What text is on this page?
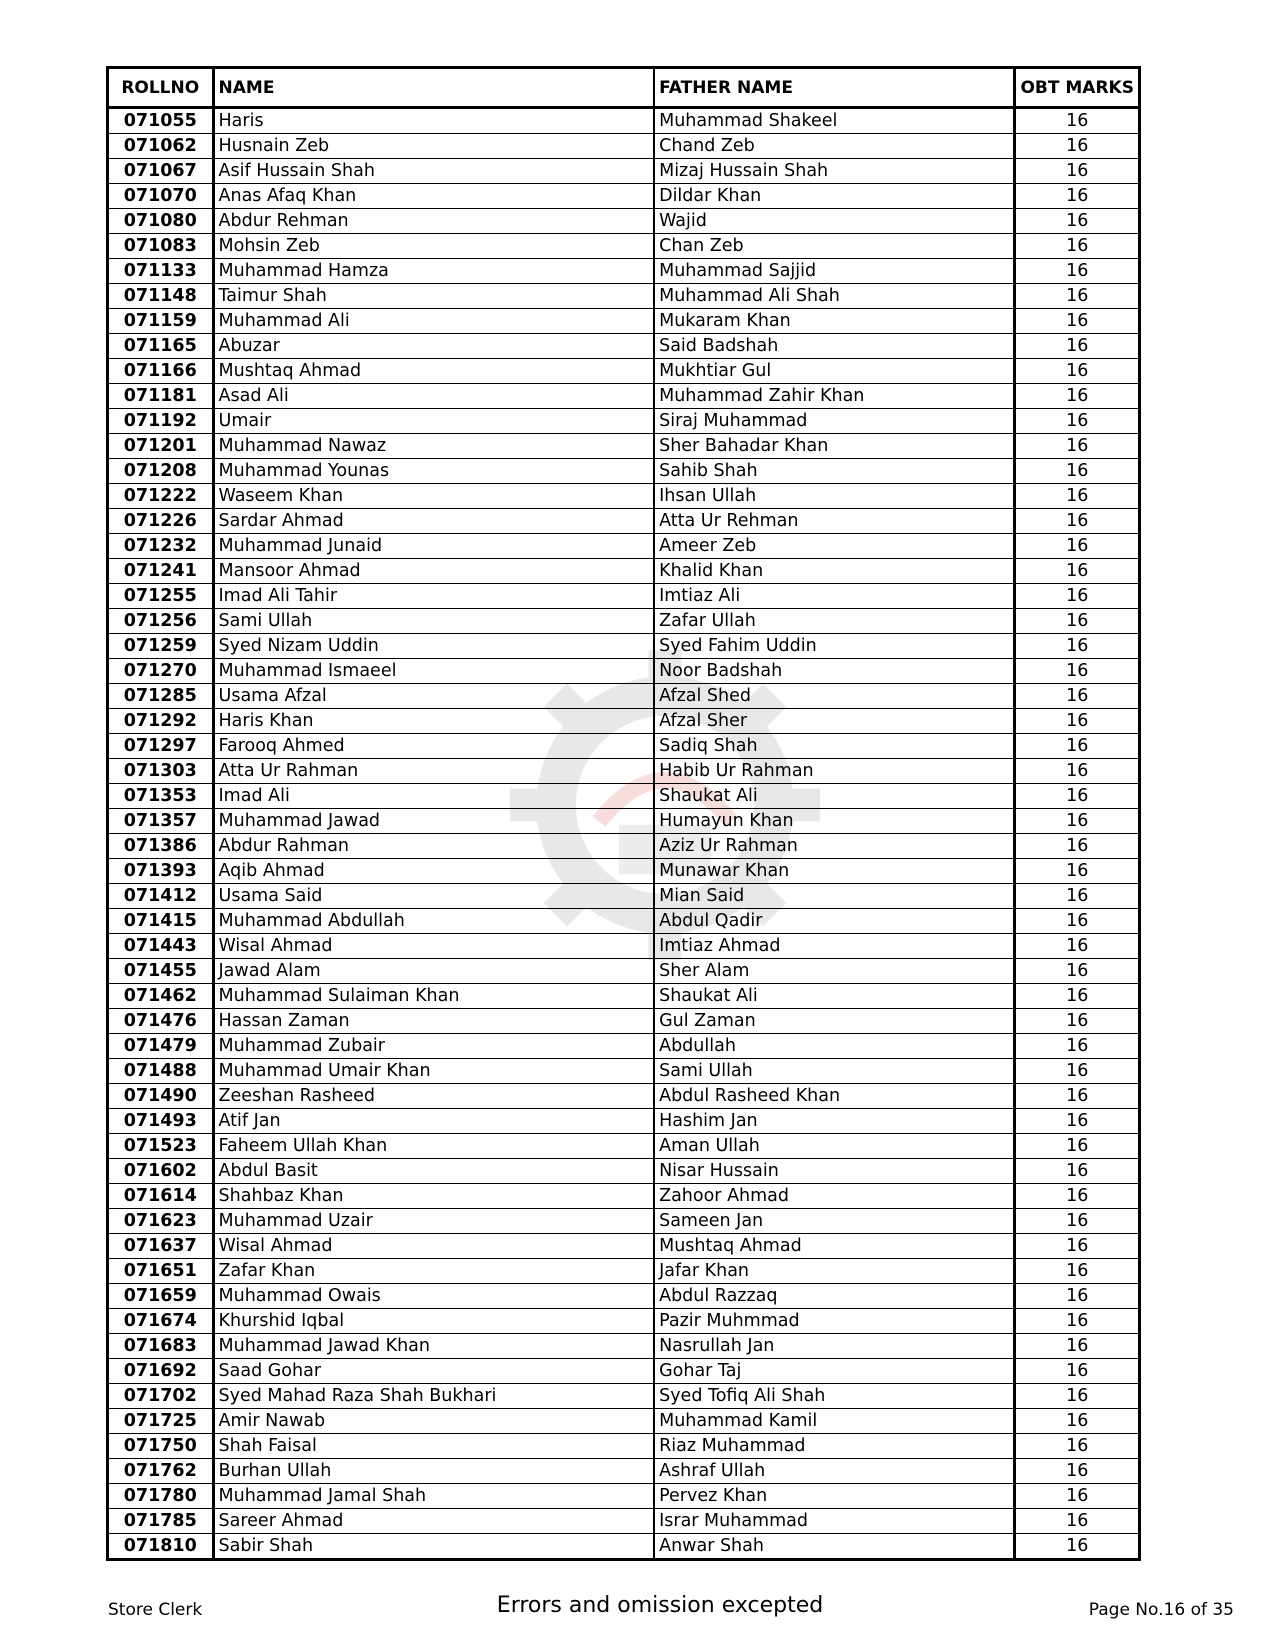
ROLLNO	NAME	FATHER NAME	OBT MARKS
071055	Haris	Muhammad Shakeel	16
071062	Husnain Zeb	Chand Zeb	16
071067	Asif Hussain Shah	Mizaj Hussain Shah	16
071070	Anas Afaq Khan	Dildar Khan	16
071080	Abdur Rehman	Wajid	16
071083	Mohsin Zeb	Chan Zeb	16
071133	Muhammad Hamza	Muhammad Sajjid	16
071148	Taimur Shah	Muhammad Ali Shah	16
071159	Muhammad Ali	Mukaram Khan	16
071165	Abuzar	Said Badshah	16
071166	Mushtaq Ahmad	Mukhtiar Gul	16
071181	Asad Ali	Muhammad Zahir Khan	16
071192	Umair	Siraj Muhammad	16
071201	Muhammad Nawaz	Sher Bahadar Khan	16
071208	Muhammad Younas	Sahib Shah	16
071222	Waseem Khan	Ihsan Ullah	16
071226	Sardar Ahmad	Atta Ur Rehman	16
071232	Muhammad Junaid	Ameer Zeb	16
071241	Mansoor Ahmad	Khalid Khan	16
071255	Imad Ali Tahir	Imtiaz Ali	16
071256	Sami Ullah	Zafar Ullah	16
071259	Syed Nizam Uddin	Syed Fahim Uddin	16
071270	Muhammad Ismaeel	Noor Badshah	16
071285	Usama Afzal	Afzal Shed	16
071292	Haris Khan	Afzal Sher	16
071297	Farooq Ahmed	Sadiq Shah	16
071303	Atta Ur Rahman	Habib Ur Rahman	16
071353	Imad Ali	Shaukat Ali	16
071357	Muhammad Jawad	Humayun Khan	16
071386	Abdur Rahman	Aziz Ur Rahman	16
071393	Aqib Ahmad	Munawar Khan	16
071412	Usama Said	Mian Said	16
071415	Muhammad Abdullah	Abdul Qadir	16
071443	Wisal Ahmad	Imtiaz Ahmad	16
071455	Jawad Alam	Sher Alam	16
071462	Muhammad Sulaiman Khan	Shaukat Ali	16
071476	Hassan Zaman	Gul Zaman	16
071479	Muhammad Zubair	Abdullah	16
071488	Muhammad Umair Khan	Sami Ullah	16
071490	Zeeshan Rasheed	Abdul Rasheed Khan	16
071493	Atif Jan	Hashim Jan	16
071523	Faheem Ullah Khan	Aman Ullah	16
071602	Abdul Basit	Nisar Hussain	16
071614	Shahbaz Khan	Zahoor Ahmad	16
071623	Muhammad Uzair	Sameen Jan	16
071637	Wisal Ahmad	Mushtaq Ahmad	16
071651	Zafar Khan	Jafar Khan	16
071659	Muhammad Owais	Abdul Razzaq	16
071674	Khurshid Iqbal	Pazir Muhmmad	16
071683	Muhammad Jawad Khan	Nasrullah Jan	16
071692	Saad Gohar	Gohar Taj	16
071702	Syed Mahad Raza Shah Bukhari	Syed Tofiq Ali Shah	16
071725	Amir Nawab	Muhammad Kamil	16
071750	Shah Faisal	Riaz Muhammad	16
071762	Burhan Ullah	Ashraf Ullah	16
071780	Muhammad Jamal Shah	Pervez Khan	16
071785	Sareer Ahmad	Israr Muhammad	16
071810	Sabir Shah	Anwar Shah	16
Store Clerk	Errors and omission excepted	Page No.16 of 35
